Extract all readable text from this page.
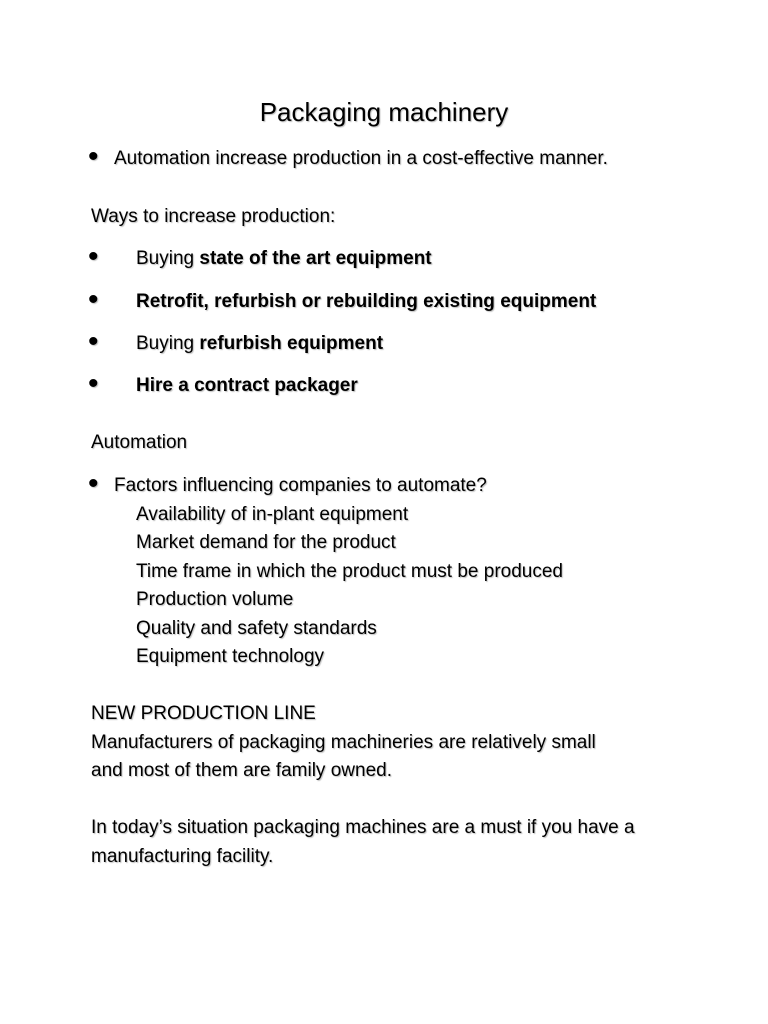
Packaging machinery
• Automation increase production in a cost-effective manner.
Ways to increase production:
• Buying state of the art equipment
• Retrofit, refurbish or rebuilding existing equipment
• Buying refurbish equipment
• Hire a contract packager
Automation
• Factors influencing companies to automate?
Availability of in-plant equipment
Market demand for the product
Time frame in which the product must be produced
Production volume
Quality and safety standards
Equipment technology
NEW PRODUCTION LINE
Manufacturers of packaging machineries are relatively small
and most of them are family owned.
In today’s situation packaging machines are a must if you have a
manufacturing facility.
